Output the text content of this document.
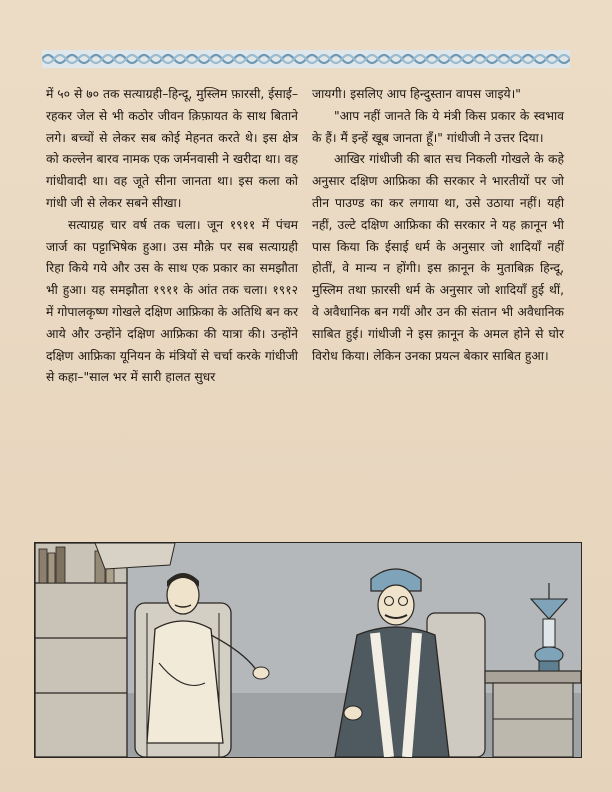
में ५० से ७० तक सत्याग्रही–हिन्दू, मुस्लिम फ़ारसी, ईसाई–रहकर जेल से भी कठोर जीवन क़िफ़ायत के साथ बिताने लगे। बच्चों से लेकर सब कोई मेहनत करते थे। इस क्षेत्र को कल्लेन बारव नामक एक जर्मनवासी ने खरीदा था। वह गांधीवादी था। वह जूते सीना जानता था। इस कला को गांधी जी से लेकर सबने सीखा।

सत्याग्रह चार वर्ष तक चला। जून १९११ में पंचम जार्ज का पट्टाभिषेक हुआ। उस मौक़े पर सब सत्याग्रही रिहा किये गये और उस के साथ एक प्रकार का समझौता भी हुआ। यह समझौता १९११ के आंत तक चला। १९१२ में गोपालकृष्ण गोखले दक्षिण आफ्रिका के अतिथि बन कर आये और उन्होंने दक्षिण आफ्रिका की यात्रा की। उन्होंने दक्षिण आफ्रिका यूनियन के मंत्रियों से चर्चा करके गांधीजी से कहा–"साल भर में सारी हालत सुधर

जायगी। इसलिए आप हिन्दुस्तान वापस जाइये।"

"आप नहीं जानते कि ये मंत्री किस प्रकार के स्वभाव के हैं। मैं इन्हें खूब जानता हूँ।" गांधीजी ने उत्तर दिया।

आखिर गांधीजी की बात सच निकली गोखले के कहे अनुसार दक्षिण आफ्रिका की सरकार ने भारतीयों पर जो तीन पाउण्ड का कर लगाया था, उसे उठाया नहीं। यही नहीं, उल्टे दक्षिण आफ्रिका की सरकार ने यह क़ानून भी पास किया कि ईसाई धर्म के अनुसार जो शादियाँ नहीं होतीं, वे मान्य न होंगी। इस क़ानून के मुताबिक़ हिन्दू, मुस्लिम तथा फ़ारसी धर्म के अनुसार जो शादियाँ हुई थीं, वे अवैधानिक बन गयीं और उन की संतान भी अवैधानिक साबित हुई। गांधीजी ने इस क़ानून के अमल होने से घोर विरोध किया। लेकिन उनका प्रयत्न बेकार साबित हुआ।
